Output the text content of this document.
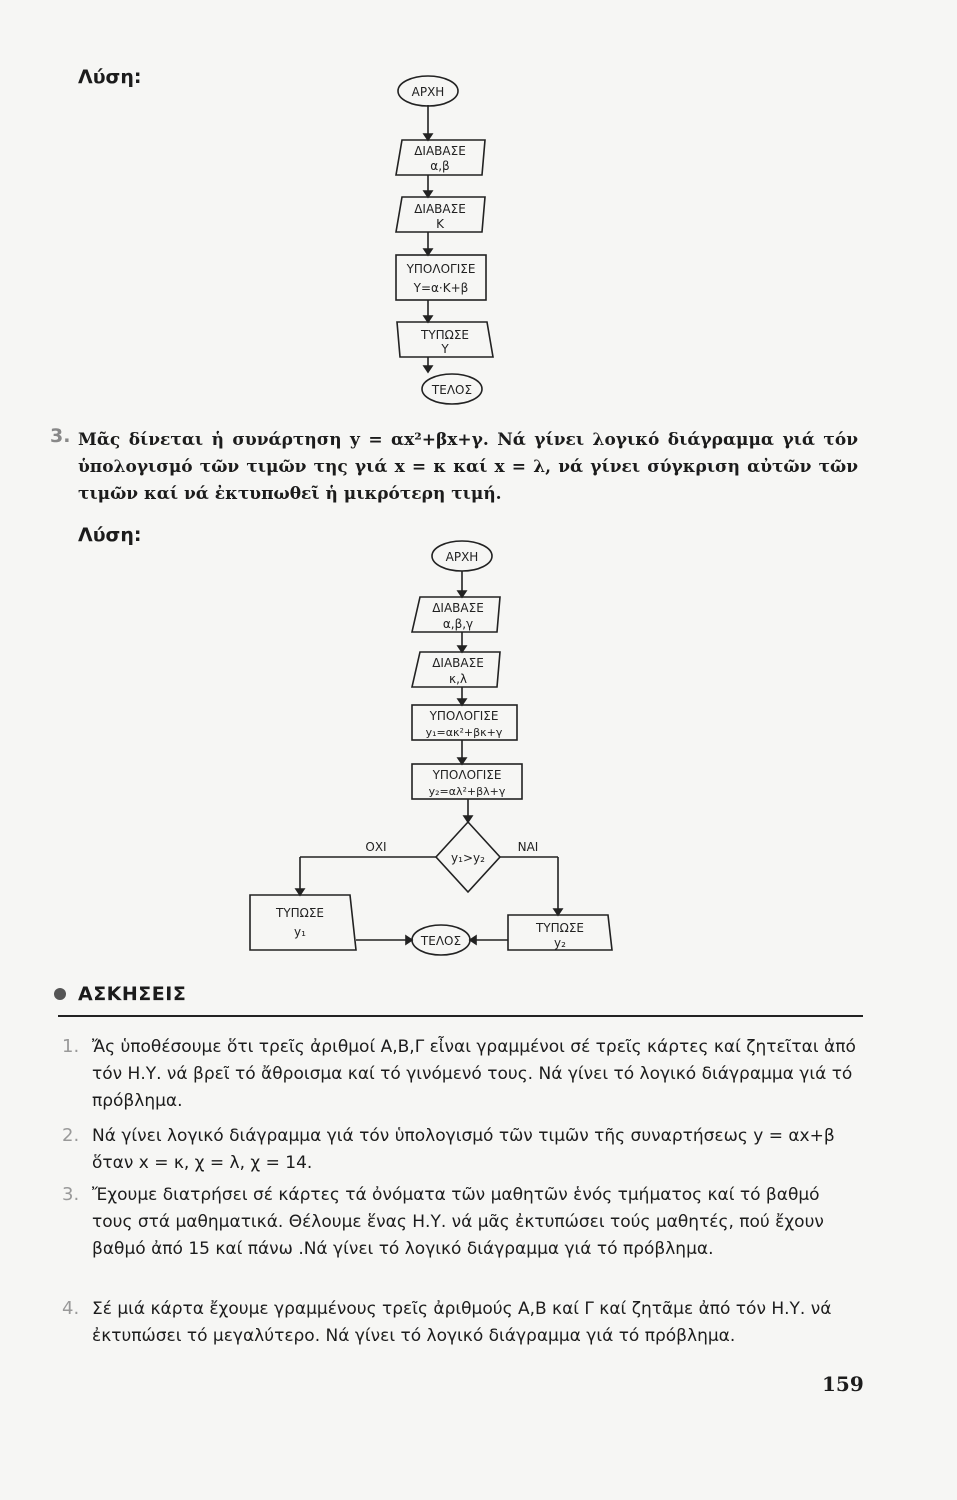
Λύση:
ΑΡΧΗ
ΔΙΑΒΑΣΕ
α,β
ΔΙΑΒΑΣΕ
Κ
ΥΠΟΛΟΓΙΣΕ
Υ=α·Κ+β
ΤΥΠΩΣΕ
Υ
ΤΕΛΟΣ
3. Μᾶς δίνεται ἡ συνάρτηση y = αx²+βx+γ. Νά γίνει λογικό διάγραμμα γιά τόν ὑπολογισμό τῶν τιμῶν της γιά x = κ καί x = λ, νά γίνει σύγκριση αὐτῶν τῶν τιμῶν καί νά ἐκτυπωθεῖ ἡ μικρότερη τιμή.
Λύση:
ΑΡΧΗ
ΔΙΑΒΑΣΕ
α,β,γ
ΔΙΑΒΑΣΕ
κ,λ
ΥΠΟΛΟΓΙΣΕ
y₁=ακ²+βκ+γ
ΥΠΟΛΟΓΙΣΕ
y₂=αλ²+βλ+γ
y₁>y₂
ΟΧΙ	ΝΑΙ
ΤΥΠΩΣΕ
y₁	ΤΥΠΩΣΕ
y₂
ΤΕΛΟΣ
ΑΣΚΗΣΕΙΣ
1. Ἄς ὑποθέσουμε ὅτι τρεῖς ἀριθμοί Α,Β,Γ εἶναι γραμμένοι σέ τρεῖς κάρτες καί ζητεῖται ἀπό τόν Η.Υ. νά βρεῖ τό ἄθροισμα καί τό γινόμενό τους. Νά γίνει τό λογικό διάγραμμα γιά τό πρόβλημα.
2. Νά γίνει λογικό διάγραμμα γιά τόν ὑπολογισμό τῶν τιμῶν τῆς συναρτήσεως y = αx+β ὅταν x = κ, χ = λ, χ = 14.
3. Ἔχουμε διατρήσει σέ κάρτες τά ὀνόματα τῶν μαθητῶν ἑνός τμήματος καί τό βαθμό τους στά μαθηματικά. Θέλουμε ἕνας Η.Υ. νά μᾶς ἐκτυπώσει τούς μαθητές, πού ἔχουν βαθμό ἀπό 15 καί πάνω .Νά γίνει τό λογικό διάγραμμα γιά τό πρόβλημα.
4. Σέ μιά κάρτα ἔχουμε γραμμένους τρεῖς ἀριθμούς Α,Β καί Γ καί ζητᾶμε ἀπό τόν Η.Υ. νά ἐκτυπώσει τό μεγαλύτερο. Νά γίνει τό λογικό διάγραμμα γιά τό πρόβλημα.
159
